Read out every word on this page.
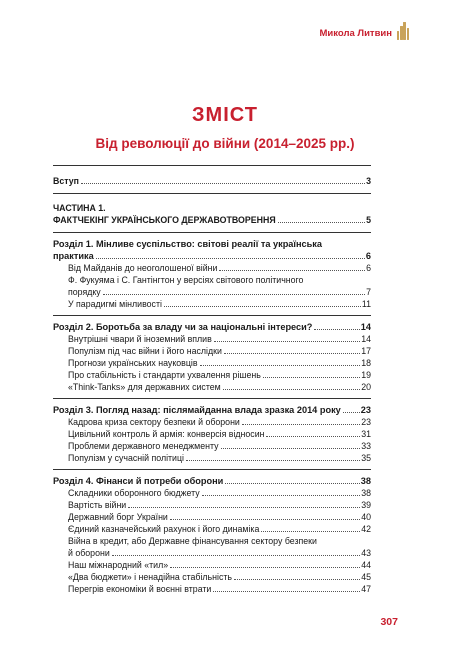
Микола Литвин
ЗМІСТ
Від революції до війни (2014–2025 рр.)
Вступ	3
ЧАСТИНА 1.
ФАКТЧЕКІНГ УКРАЇНСЬКОГО ДЕРЖАВОТВОРЕННЯ	5
Розділ 1. Мінливе суспільство: світові реалії та українська
практика	6
Від Майданів до неоголошеної війни	6
Ф. Фукуяма і С. Гантінгтон у версіях світового політичного
порядку	7
У парадигмі мінливості	11
Розділ 2. Боротьба за владу чи за національні інтереси?	14
Внутрішні чвари й іноземний вплив	14
Популізм під час війни і його наслідки	17
Прогнози українських науковців	18
Про стабільність і стандарти ухвалення рішень	19
«Think-Tanks» для державних систем	20
Розділ 3. Погляд назад: післямайданна влада зразка 2014 року 23
Кадрова криза сектору безпеки й оборони	23
Цивільний контроль й армія: конверсія відносин	31
Проблеми державного менеджменту	33
Популізм у сучасній політиці	35
Розділ 4. Фінанси й потреби оборони	38
Складники оборонного бюджету	38
Вартість війни	39
Державний борг України	40
Єдиний казначейський рахунок і його динаміка	42
Війна в кредит, або Державне фінансування сектору безпеки
й оборони	43
Наш міжнародний «тил»	44
«Два бюджети» і ненадійна стабільність	45
Перегрів економіки й воєнні втрати	47
307
